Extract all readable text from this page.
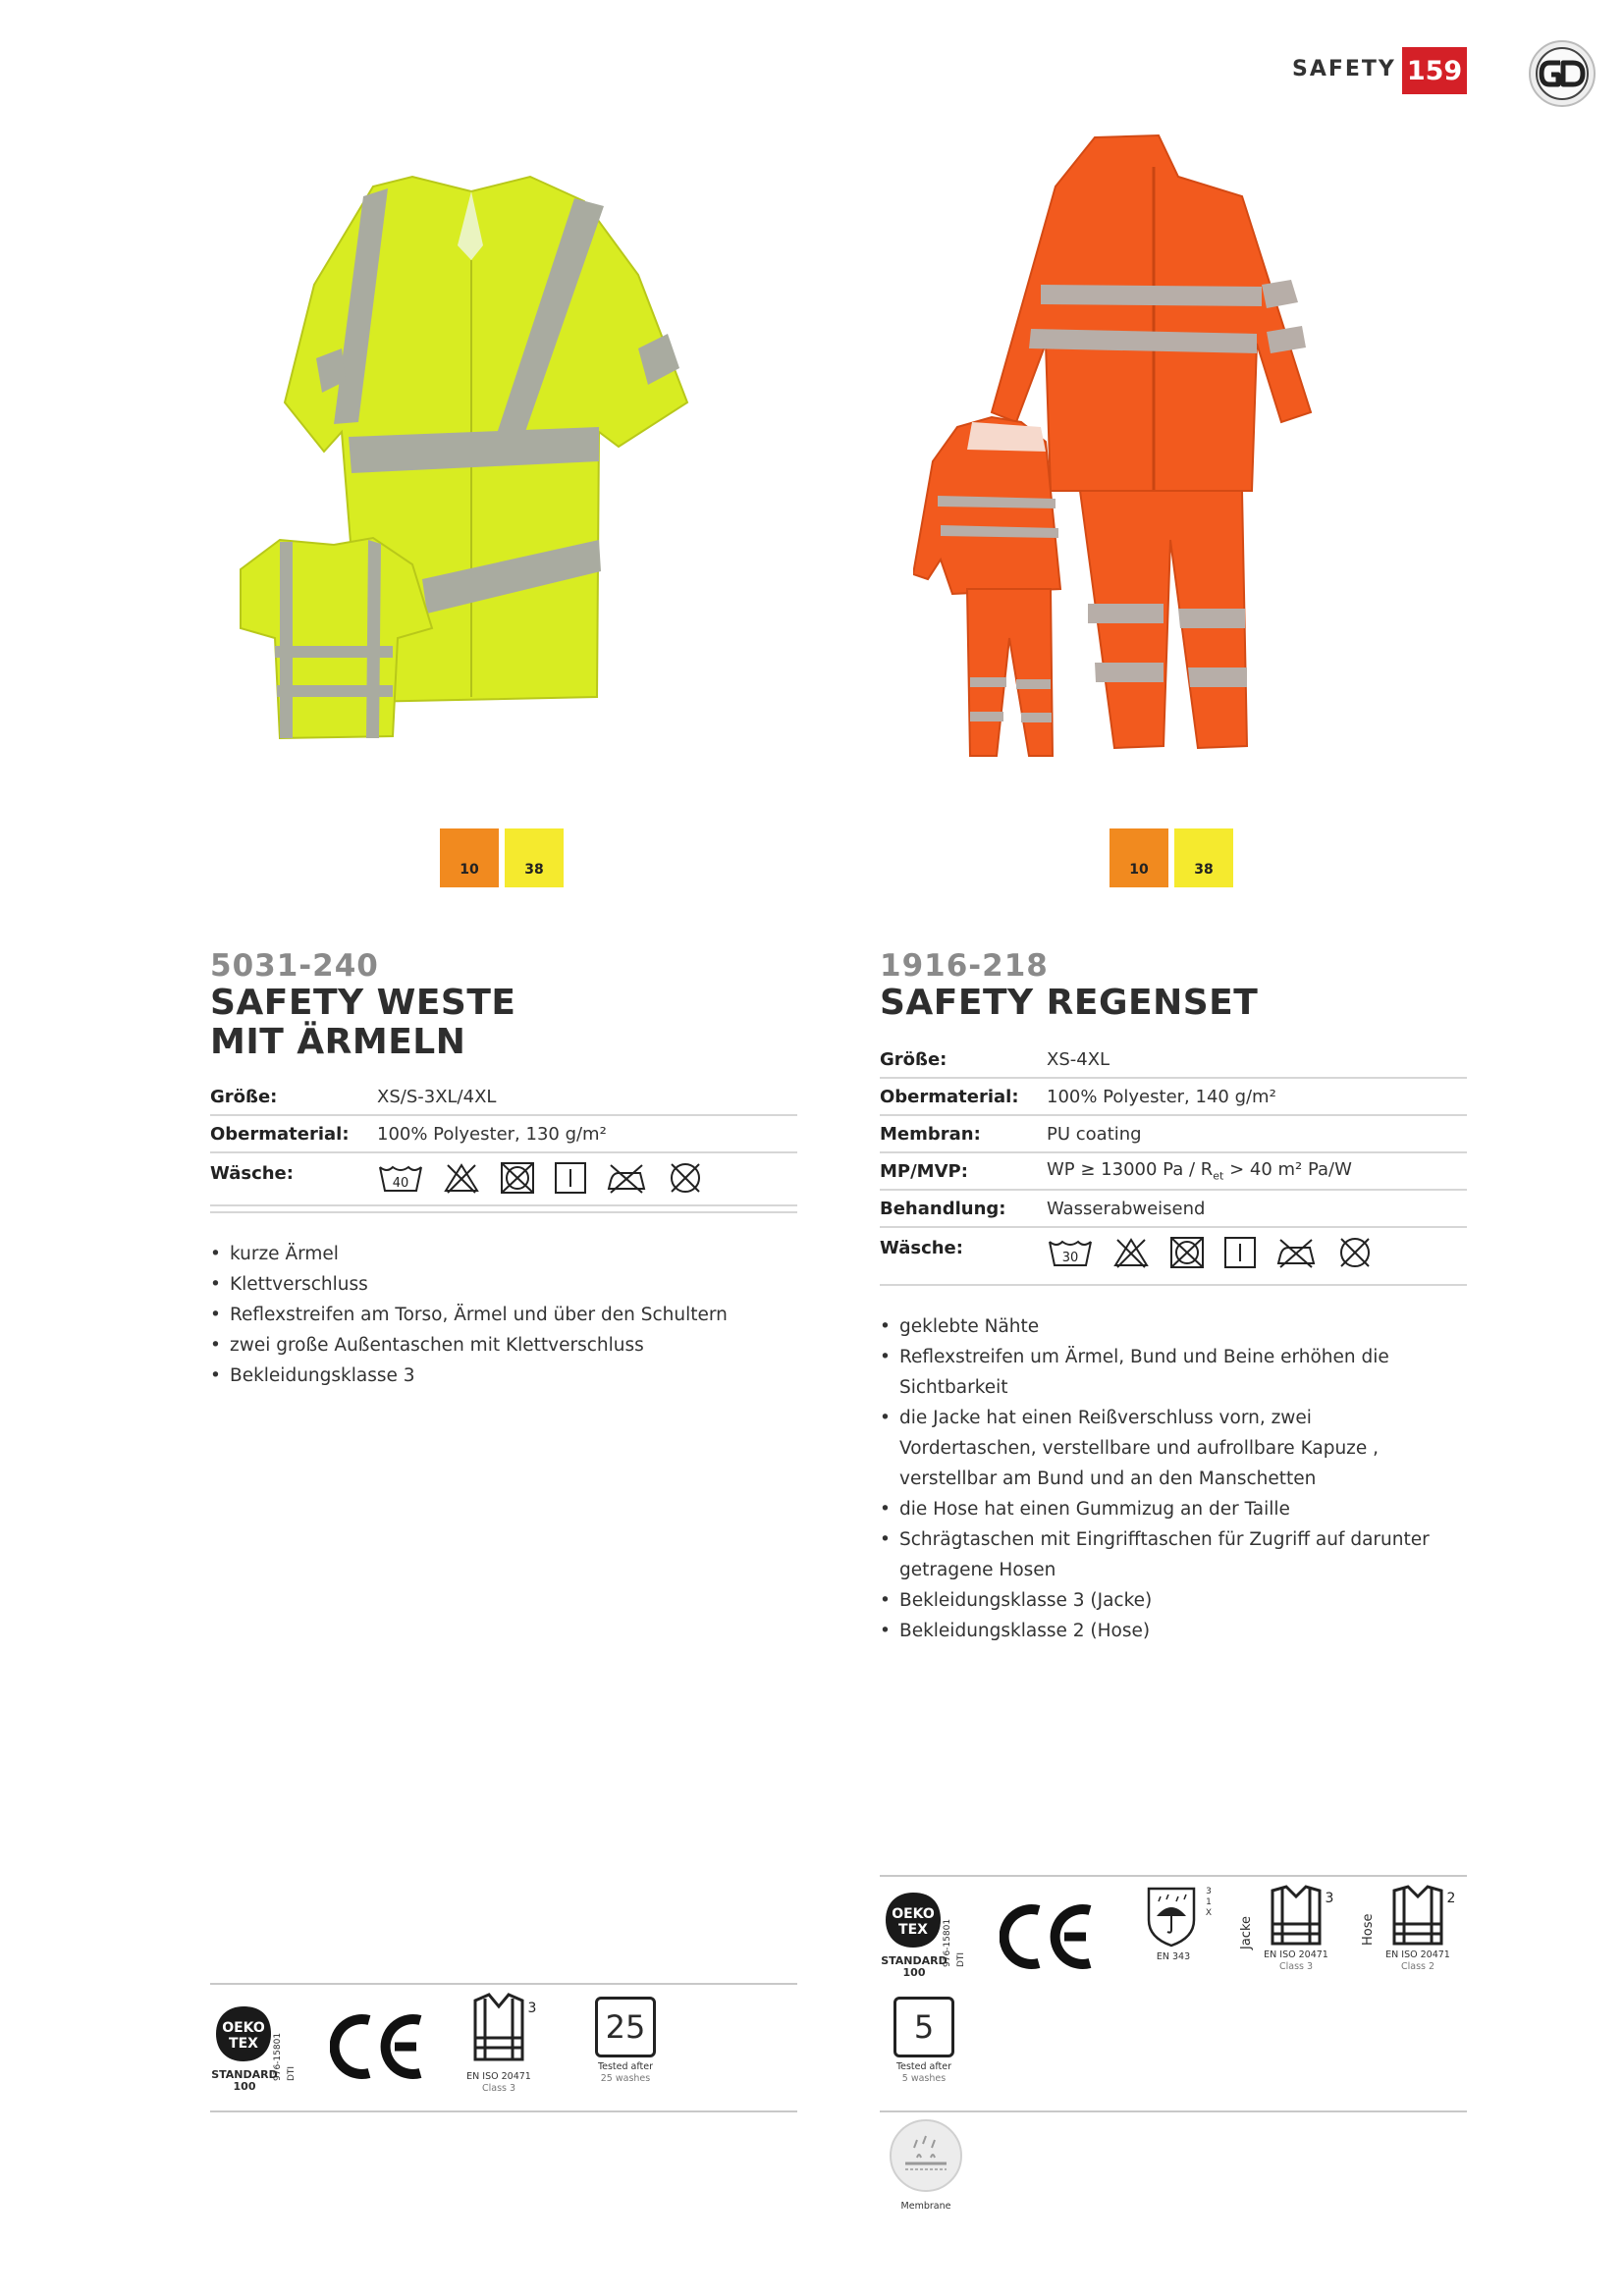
SAFETY 159
10	38	10	38
5031-240
SAFETY WESTE
MIT ÄRMELN
Größe:	XS/S-3XL/4XL
Obermaterial:	100% Polyester, 130 g/m²
Wäsche:	40
• kurze Ärmel
• Klettverschluss
• Reflexstreifen am Torso, Ärmel und über den Schultern
• zwei große Außentaschen mit Klettverschluss
• Bekleidungsklasse 3
1916-218
SAFETY REGENSET
Größe:	XS-4XL
Obermaterial:	100% Polyester, 140 g/m²
Membran:	PU coating
MP/MVP:	WP ≥ 13000 $Pa / R_{et} > 40$ m² Pa/W
Behandlung:	Wasserabweisend
Wäsche:	30
• geklebte Nähte
• Reflexstreifen um Ärmel, Bund und Beine erhöhen die Sichtbarkeit
• die Jacke hat einen Reißverschluss vorn, zwei Vordertaschen, verstellbare und aufrollbare Kapuze , verstellbar am Bund und an den Manschetten
• die Hose hat einen Gummizug an der Taille
• Schrägtaschen mit Eingrifftaschen für Zugriff auf darunter getragene Hosen
• Bekleidungsklasse 3 (Jacke)
• Bekleidungsklasse 2 (Hose)
OEKO
TEX
STANDARD
100
976-15801 DTI
3
EN ISO 20471
Class 3
25
Tested after
25 washes
OEKO
TEX
STANDARD
100
976-15801 DTI
3 1 X
EN 343
Jacke
3
EN ISO 20471
Class 3
Hose
2
EN ISO 20471
Class 2
5
Tested after
5 washes
Membrane
